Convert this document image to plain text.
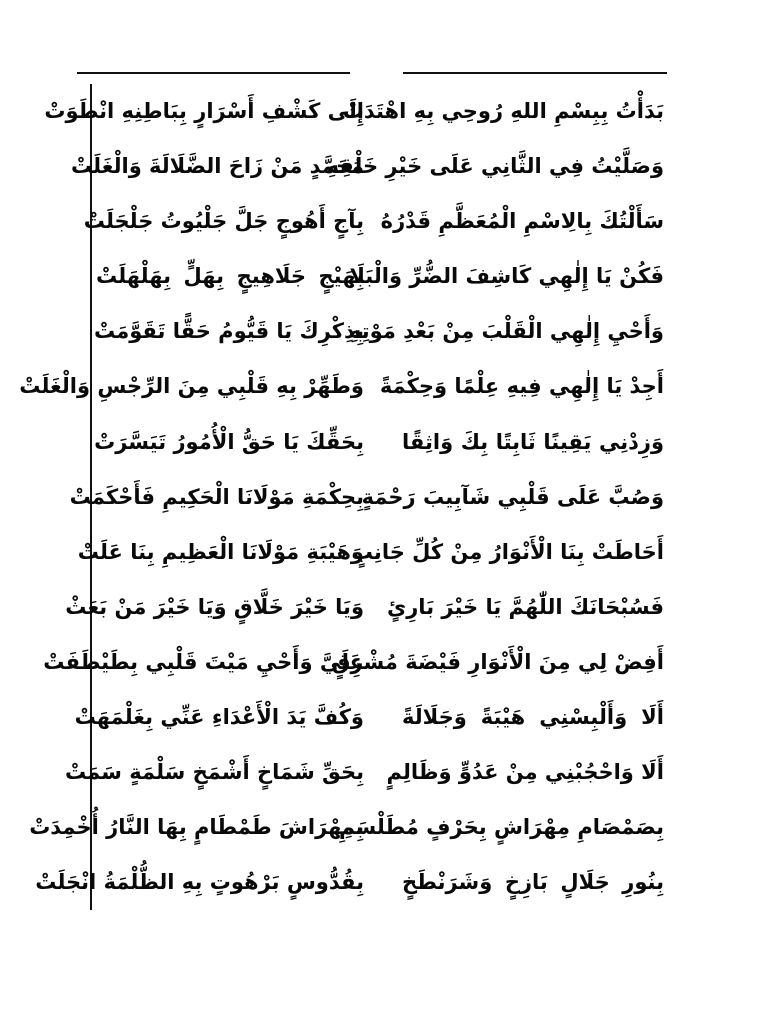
بَدَأْتُ بِبِسْمِ اللهِ رُوحِي بِهِ اهْتَدَتْ
وَصَلَّيْتُ فِي الثَّانِي عَلَى خَيْرِ خَلْقِهِ
سَأَلْتُكَ بِالِاسْمِ الْمُعَظَّمِ قَدْرُهُ
فَكُنْ يَا إِلٰهِي كَاشِفَ الضُّرِّ وَالْبَلَا
وَأَحْيِ إِلٰهِي الْقَلْبَ مِنْ بَعْدِ مَوْتِهِ
أَجِدْ يَا إِلٰهِي فِيهِ عِلْمًا وَحِكْمَةً
وَزِدْنِي يَقِينًا ثَابِتًا بِكَ وَاثِقًا
وَصُبَّ عَلَى قَلْبِي شَآبِيبَ رَحْمَةٍ
أَحَاطَتْ بِنَا الْأَنْوَارُ مِنْ كُلِّ جَانِبٍ
فَسُبْحَانَكَ اللّٰهُمَّ يَا خَيْرَ بَارِئٍ
أَفِضْ لِي مِنَ الْأَنْوَارِ فَيْضَةَ مُشْرِقٍ
أَلَا وَأَلْبِسْنِي هَيْبَةً وَجَلَالَةً
أَلَا وَاحْجُبْنِي مِنْ عَدُوٍّ وَظَالِمٍ
بِصَمْصَامِ مِهْرَاشٍ بِحَرْفٍ مُطَلْسَمِ
بِنُورِ جَلَالٍ بَازِخٍ وَشَرَنْطَخٍ
إِلَى كَشْفِ أَسْرَارٍ بِبَاطِنِهِ انْطَوَتْ
مُحَمَّدٍ مَنْ زَاحَ الضَّلَالَةَ وَالْغَلَتْ
بِآجٍ أَهُوجٍ جَلَّ جَلْيُوتُ جَلْجَلَتْ
بِهَيْجٍ جَلَاهِيجٍ بِهَلٍّ بِهَلْهَلَتْ
بِذِكْرِكَ يَا قَيُّومُ حَقًّا تَقَوَّمَتْ
وَطَهِّرْ بِهِ قَلْبِي مِنَ الرِّجْسِ وَالْغَلَتْ
بِحَقِّكَ يَا حَقُّ الْأُمُورُ تَيَسَّرَتْ
بِحِكْمَةِ مَوْلَانَا الْحَكِيمِ فَأَحْكَمَتْ
وَهَيْبَةِ مَوْلَانَا الْعَظِيمِ بِنَا عَلَتْ
وَيَا خَيْرَ خَلَّاقٍ وَيَا خَيْرَ مَنْ بَعَثْ
عَلَيَّ وَأَحْيِ مَيْتَ قَلْبِي بِطَيْطَفَتْ
وَكُفَّ يَدَ الْأَعْدَاءِ عَنِّي بِغَلْمَهَتْ
بِحَقِّ شَمَاخٍ أَشْمَخٍ سَلْمَةٍ سَمَتْ
بِمِهْرَاشَ طَمْطَامٍ بِهَا النَّارُ أُخْمِدَتْ
بِقُدُّوسٍ بَرْهُوتٍ بِهِ الظُّلْمَةُ انْجَلَتْ
